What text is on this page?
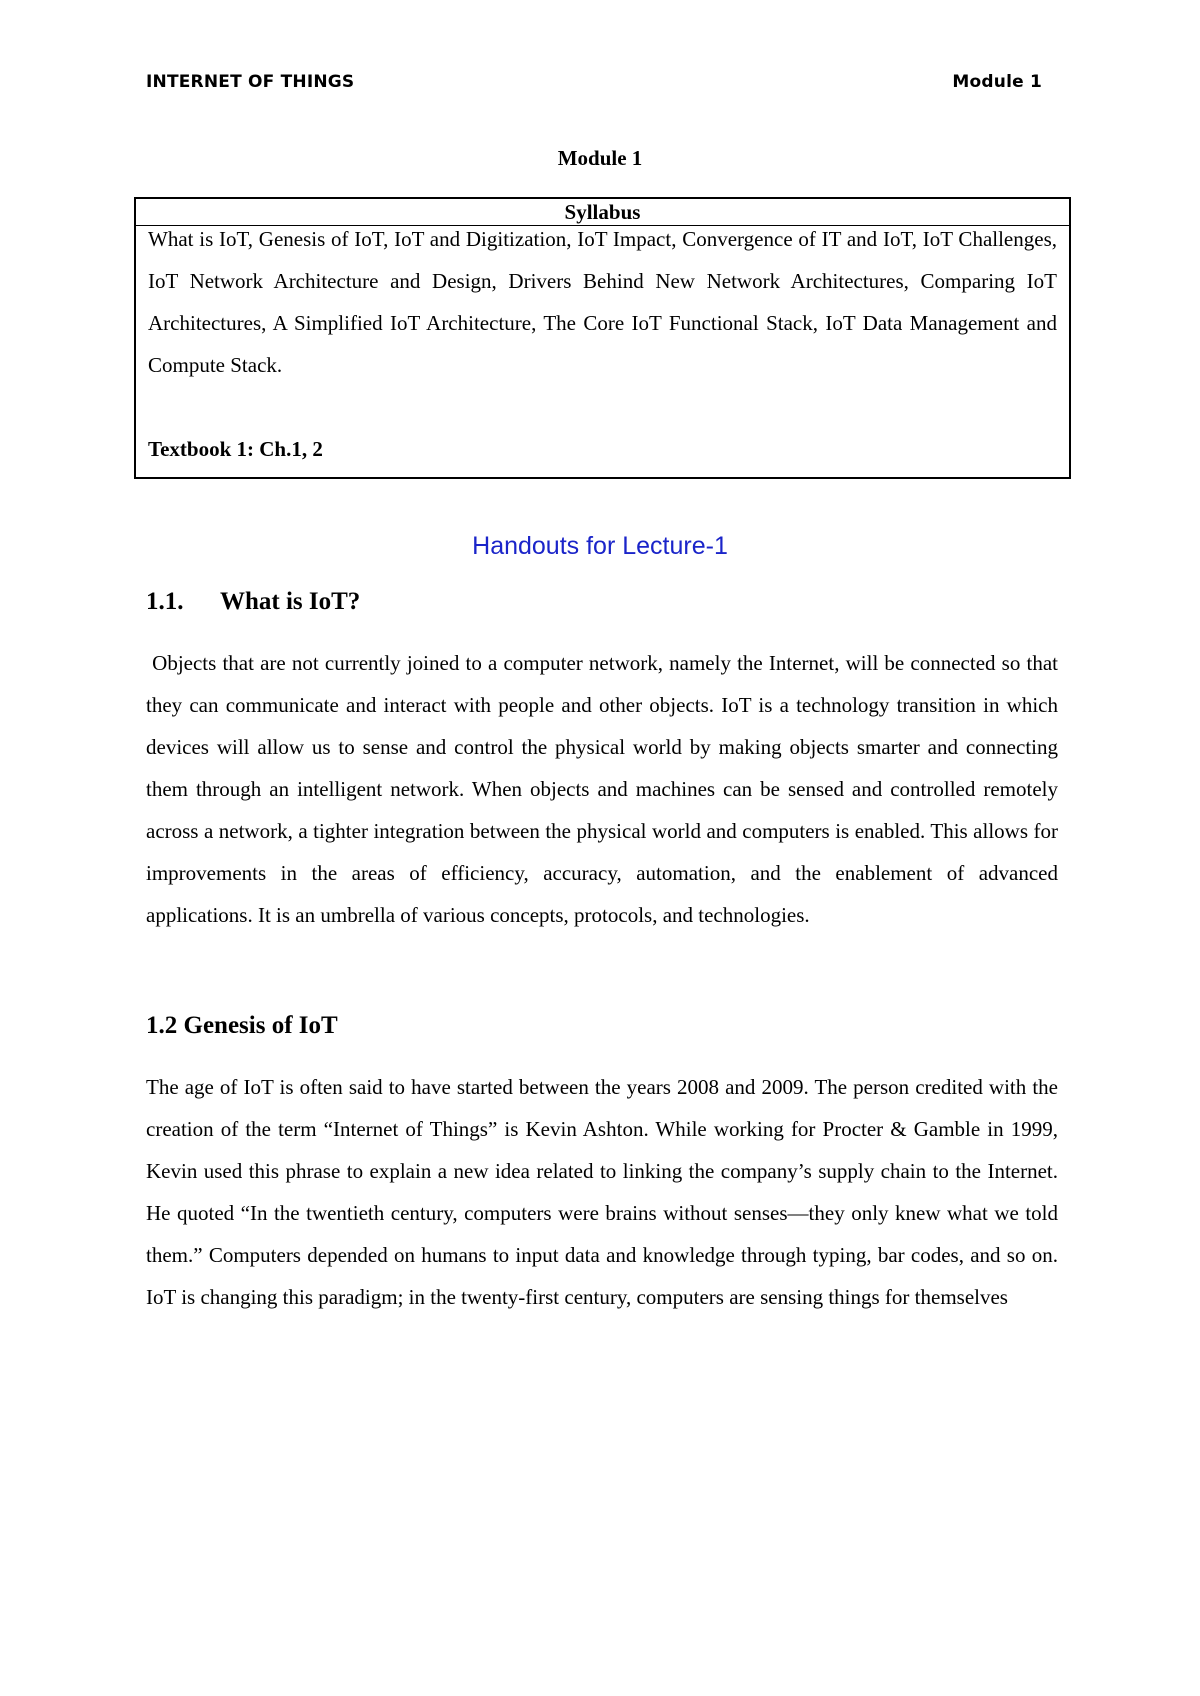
INTERNET OF THINGS	Module 1
Module 1
Syllabus
What is IoT, Genesis of IoT, IoT and Digitization, IoT Impact, Convergence of IT and IoT, IoT Challenges, IoT Network Architecture and Design, Drivers Behind New Network Architectures, Comparing IoT Architectures, A Simplified IoT Architecture, The Core IoT Functional Stack, IoT Data Management and Compute Stack.
Textbook 1: Ch.1, 2
Handouts for Lecture-1
1.1. What is IoT?
Objects that are not currently joined to a computer network, namely the Internet, will be connected so that they can communicate and interact with people and other objects. IoT is a technology transition in which devices will allow us to sense and control the physical world by making objects smarter and connecting them through an intelligent network. When objects and machines can be sensed and controlled remotely across a network, a tighter integration between the physical world and computers is enabled. This allows for improvements in the areas of efficiency, accuracy, automation, and the enablement of advanced applications. It is an umbrella of various concepts, protocols, and technologies.
1.2 Genesis of IoT
The age of IoT is often said to have started between the years 2008 and 2009. The person credited with the creation of the term “Internet of Things” is Kevin Ashton. While working for Procter & Gamble in 1999, Kevin used this phrase to explain a new idea related to linking the company’s supply chain to the Internet. He quoted “In the twentieth century, computers were brains without senses—they only knew what we told them.” Computers depended on humans to input data and knowledge through typing, bar codes, and so on. IoT is changing this paradigm; in the twenty-first century, computers are sensing things for themselves
